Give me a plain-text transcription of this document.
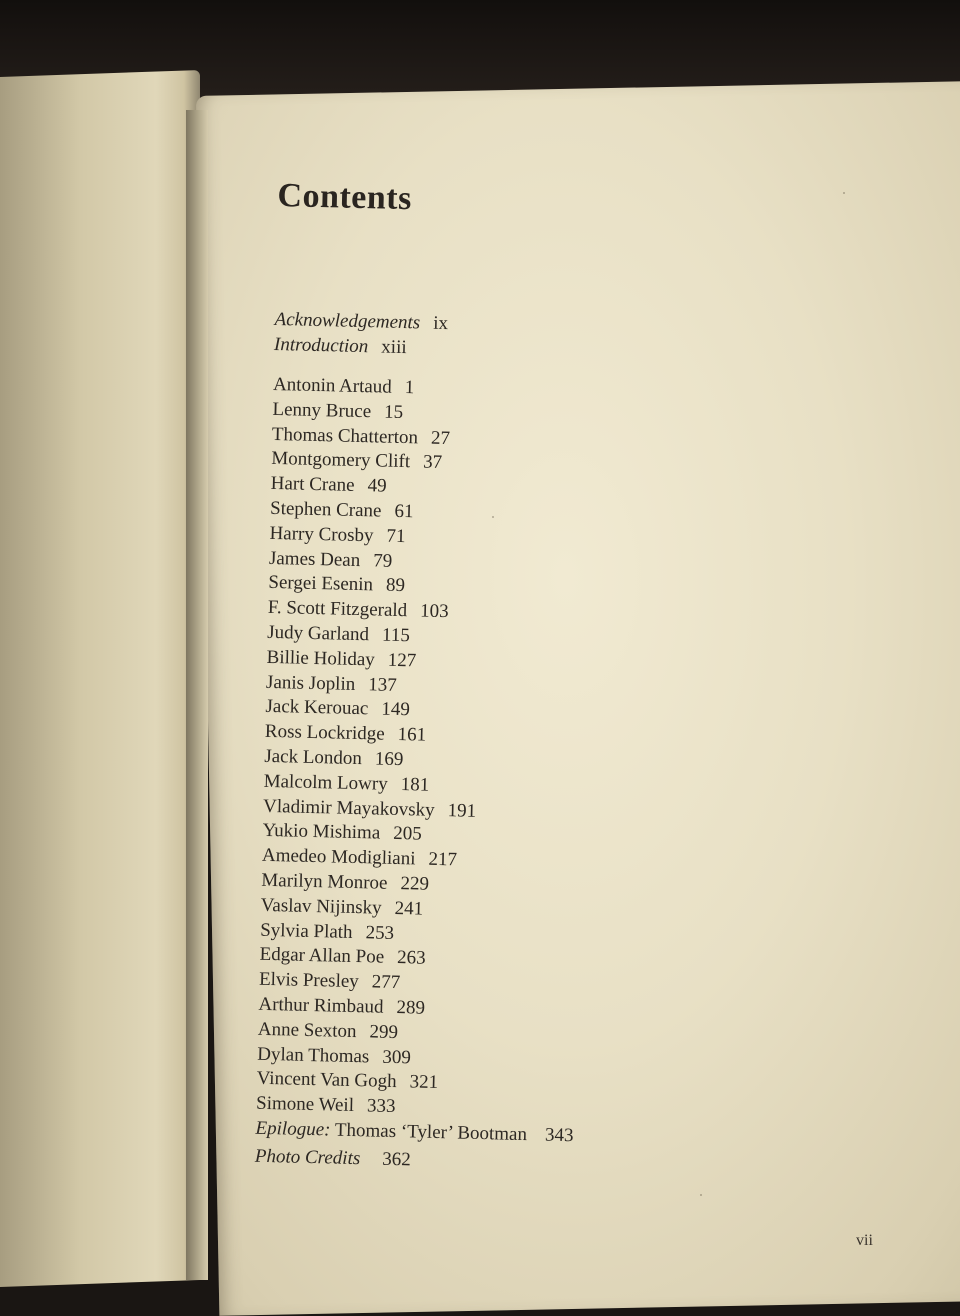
Contents
Acknowledgements ix
Introduction xiii
Antonin Artaud 1
Lenny Bruce 15
Thomas Chatterton 27
Montgomery Clift 37
Hart Crane 49
Stephen Crane 61
Harry Crosby 71
James Dean 79
Sergei Esenin 89
F. Scott Fitzgerald 103
Judy Garland 115
Billie Holiday 127
Janis Joplin 137
Jack Kerouac 149
Ross Lockridge 161
Jack London 169
Malcolm Lowry 181
Vladimir Mayakovsky 191
Yukio Mishima 205
Amedeo Modigliani 217
Marilyn Monroe 229
Vaslav Nijinsky 241
Sylvia Plath 253
Edgar Allan Poe 263
Elvis Presley 277
Arthur Rimbaud 289
Anne Sexton 299
Dylan Thomas 309
Vincent Van Gogh 321
Simone Weil 333
Epilogue: Thomas ‘Tyler’ Bootman 343
Photo Credits 362
vii
